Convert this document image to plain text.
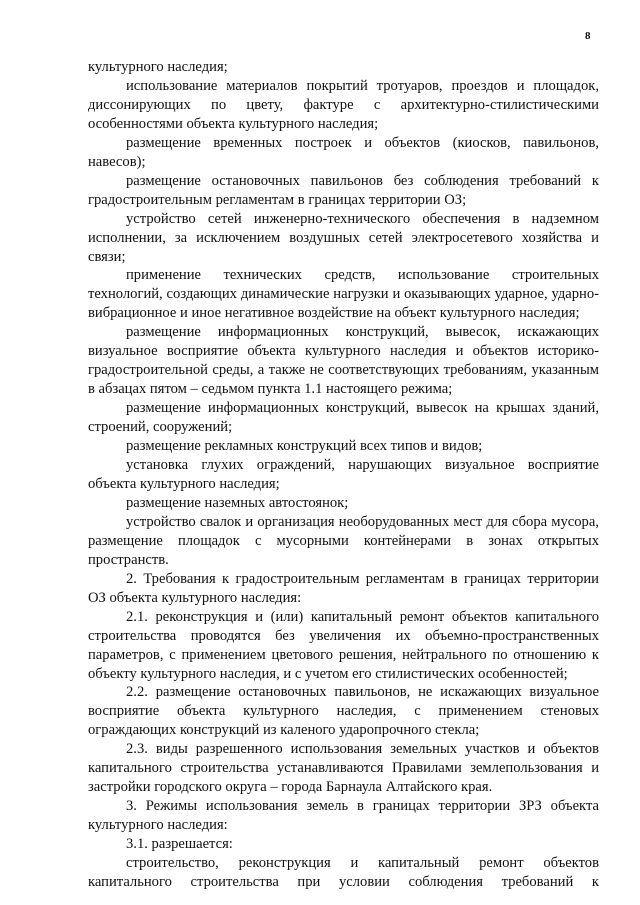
8

культурного наследия;

использование материалов покрытий тротуаров, проездов и площадок, диссонирующих по цвету, фактуре с архитектурно-стилистическими особенностями объекта культурного наследия;

размещение временных построек и объектов (киосков, павильонов, навесов);

размещение остановочных павильонов без соблюдения требований к градостроительным регламентам в границах территории ОЗ;

устройство сетей инженерно-технического обеспечения в надземном исполнении, за исключением воздушных сетей электросетевого хозяйства и связи;

применение технических средств, использование строительных технологий, создающих динамические нагрузки и оказывающих ударное, ударно-вибрационное и иное негативное воздействие на объект культурного наследия;

размещение информационных конструкций, вывесок, искажающих визуальное восприятие объекта культурного наследия и объектов историко-градостроительной среды, а также не соответствующих требованиям, указанным в абзацах пятом – седьмом пункта 1.1 настоящего режима;

размещение информационных конструкций, вывесок на крышах зданий, строений, сооружений;

размещение рекламных конструкций всех типов и видов;

установка глухих ограждений, нарушающих визуальное восприятие объекта культурного наследия;

размещение наземных автостоянок;

устройство свалок и организация необорудованных мест для сбора мусора, размещение площадок с мусорными контейнерами в зонах открытых пространств.

2. Требования к градостроительным регламентам в границах территории ОЗ объекта культурного наследия:

2.1. реконструкция и (или) капитальный ремонт объектов капитального строительства проводятся без увеличения их объемно-пространственных параметров, с применением цветового решения, нейтрального по отношению к объекту культурного наследия, и с учетом его стилистических особенностей;

2.2. размещение остановочных павильонов, не искажающих визуальное восприятие объекта культурного наследия, с применением стеновых ограждающих конструкций из каленого ударопрочного стекла;

2.3. виды разрешенного использования земельных участков и объектов капитального строительства устанавливаются Правилами землепользования и застройки городского округа – города Барнаула Алтайского края.

3. Режимы использования земель в границах территории ЗРЗ объекта культурного наследия:

3.1. разрешается:

строительство, реконструкция и капитальный ремонт объектов капитального строительства при условии соблюдения требований к
